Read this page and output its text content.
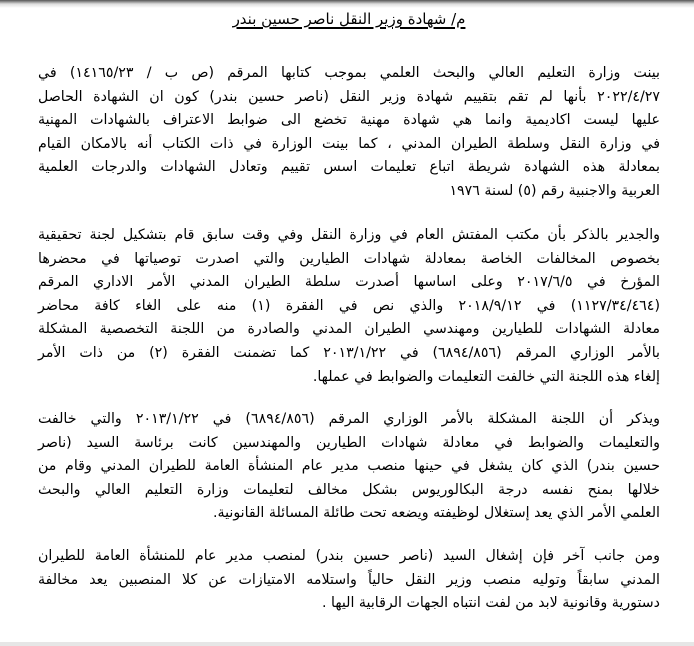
م/ شهادة وزير النقل ناصر حسين بندر

بينت وزارة التعليم العالي والبحث العلمي بموجب كتابها المرقم (ص ب / ١٤١٦٥/٢٣) في
٢٠٢٢/٤/٢٧ بأنها لم تقم بتقييم شهادة وزير النقل (ناصر حسين بندر) كون ان الشهادة الحاصل
عليها ليست اكاديمية وانما هي شهادة مهنية تخضع الى ضوابط الاعتراف بالشهادات المهنية
في وزارة النقل وسلطة الطيران المدني ، كما بينت الوزارة في ذات الكتاب أنه بالامكان القيام
بمعادلة هذه الشهادة شريطة اتباع تعليمات اسس تقييم وتعادل الشهادات والدرجات العلمية
العربية والاجنبية رقم (٥) لسنة ١٩٧٦

والجدير بالذكر بأن مكتب المفتش العام في وزارة النقل وفي وقت سابق قام بتشكيل لجنة تحقيقية
بخصوص المخالفات الخاصة بمعادلة شهادات الطيارين والتي اصدرت توصياتها في محضرها
المؤرخ في ٢٠١٧/٦/٥ وعلى اساسها أصدرت سلطة الطيران المدني الأمر الاداري المرقم
(١١٢٧/٣٤/٤٦٤) في ٢٠١٨/٩/١٢ والذي نص في الفقرة (١) منه على الغاء كافة محاضر
معادلة الشهادات للطيارين ومهندسي الطيران المدني والصادرة من اللجنة التخصصية المشكلة
بالأمر الوزاري المرقم (٦٨٩٤/٨٥٦) في ٢٠١٣/١/٢٢ كما تضمنت الفقرة (٢) من ذات الأمر
إلغاء هذه اللجنة التي خالفت التعليمات والضوابط في عملها.

ويذكر أن اللجنة المشكلة بالأمر الوزاري المرقم (٦٨٩٤/٨٥٦) في ٢٠١٣/١/٢٢ والتي خالفت
والتعليمات والضوابط في معادلة شهادات الطيارين والمهندسين كانت برئاسة السيد (ناصر
حسين بندر) الذي كان يشغل في حينها منصب مدير عام المنشأة العامة للطيران المدني وقام من
خلالها بمنح نفسه درجة البكالوريوس بشكل مخالف لتعليمات وزارة التعليم العالي والبحث
العلمي الأمر الذي يعد إستغلال لوظيفته ويضعه تحت طائلة المسائلة القانونية.

ومن جانب آخر فإن إشغال السيد (ناصر حسين بندر) لمنصب مدير عام للمنشأة العامة للطيران
المدني سابقاً وتوليه منصب وزير النقل حالياً واستلامه الامتيازات عن كلا المنصبين يعد مخالفة
دستورية وقانونية لابد من لفت انتباه الجهات الرقابية اليها .
